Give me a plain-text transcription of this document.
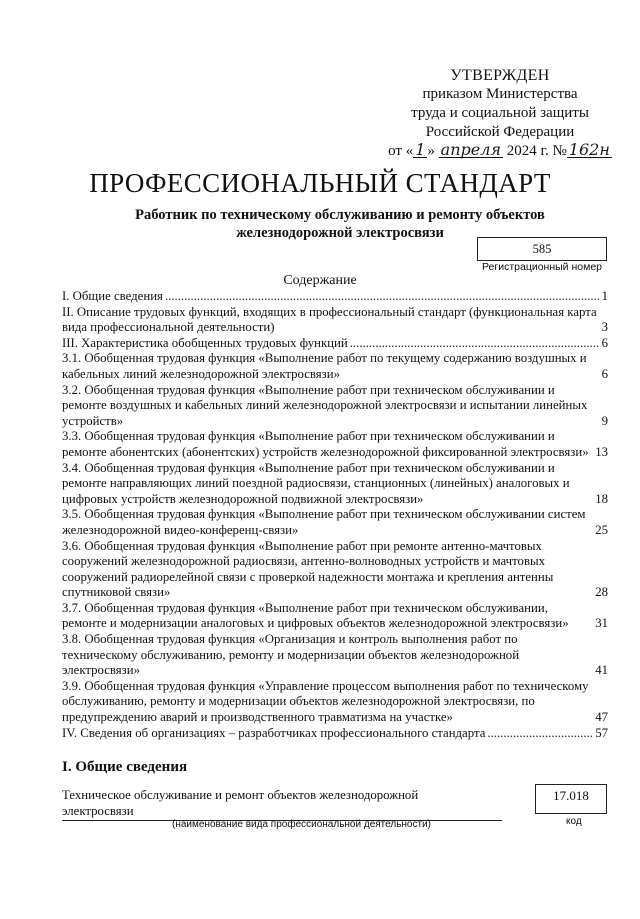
УТВЕРЖДЕН
приказом Министерства
труда и социальной защиты
Российской Федерации
от « 1 » апреля 2024 г. № 162н
ПРОФЕССИОНАЛЬНЫЙ СТАНДАРТ
Работник по техническому обслуживанию и ремонту объектов
железнодорожной электросвязи
585
Регистрационный номер
Содержание
I. Общие сведения .....	1
II. Описание трудовых функций, входящих в профессиональный стандарт (функциональная карта вида профессиональной деятельности)	3
III. Характеристика обобщенных трудовых функций .....	6
3.1. Обобщенная трудовая функция «Выполнение работ по текущему содержанию воздушных и кабельных линий железнодорожной электросвязи»	6
3.2. Обобщенная трудовая функция «Выполнение работ при техническом обслуживании и ремонте воздушных и кабельных линий железнодорожной электросвязи и испытании линейных устройств»	9
3.3. Обобщенная трудовая функция «Выполнение работ при техническом обслуживании и ремонте абонентских (абонентских) устройств железнодорожной фиксированной электросвязи» 13
3.4. Обобщенная трудовая функция «Выполнение работ при техническом обслуживании и ремонте направляющих линий поездной радиосвязи, станционных (линейных) аналоговых и цифровых устройств железнодорожной подвижной электросвязи»	18
3.5. Обобщенная трудовая функция «Выполнение работ при техническом обслуживании систем железнодорожной видео-конференц-связи»	25
3.6. Обобщенная трудовая функция «Выполнение работ при ремонте антенно-мачтовых сооружений железнодорожной радиосвязи, антенно-волноводных устройств и мачтовых сооружений радиорелейной связи с проверкой надежности монтажа и крепления антенны спутниковой связи»	28
3.7. Обобщенная трудовая функция «Выполнение работ при техническом обслуживании, ремонте и модернизации аналоговых и цифровых объектов железнодорожной электросвязи»	31
3.8. Обобщенная трудовая функция «Организация и контроль выполнения работ по техническому обслуживанию, ремонту и модернизации объектов железнодорожной электросвязи»	41
3.9. Обобщенная трудовая функция «Управление процессом выполнения работ по техническому обслуживанию, ремонту и модернизации объектов железнодорожной электросвязи, по предупреждению аварий и производственного травматизма на участке»	47
IV. Сведения об организациях – разработчиках профессионального стандарта .....	57
I. Общие сведения
Техническое обслуживание и ремонт объектов железнодорожной
электросвязи
(наименование вида профессиональной деятельности)
17.018
код
